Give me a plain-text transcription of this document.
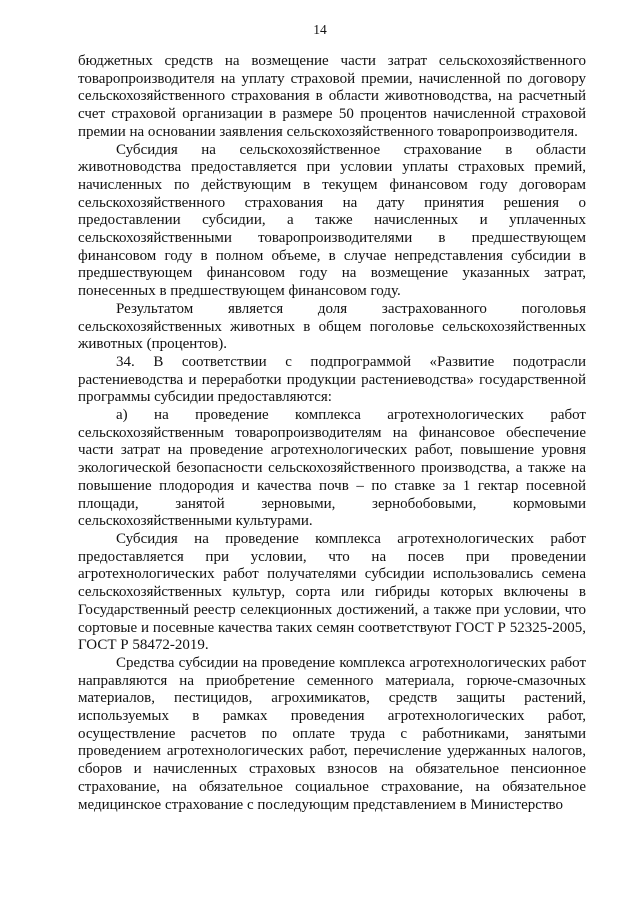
14

бюджетных средств на возмещение части затрат сельскохозяйственного товаропроизводителя на уплату страховой премии, начисленной по договору сельскохозяйственного страхования в области животноводства, на расчетный счет страховой организации в размере 50 процентов начисленной страховой премии на основании заявления сельскохозяйственного товаропроизводителя.

Субсидия на сельскохозяйственное страхование в области животноводства предоставляется при условии уплаты страховых премий, начисленных по действующим в текущем финансовом году договорам сельскохозяйственного страхования на дату принятия решения о предоставлении субсидии, а также начисленных и уплаченных сельскохозяйственными товаропроизводителями в предшествующем финансовом году в полном объеме, в случае непредставления субсидии в предшествующем финансовом году на возмещение указанных затрат, понесенных в предшествующем финансовом году.

Результатом является доля застрахованного поголовья сельскохозяйственных животных в общем поголовье сельскохозяйственных животных (процентов).

34. В соответствии с подпрограммой «Развитие подотрасли растениеводства и переработки продукции растениеводства» государственной программы субсидии предоставляются:

а) на проведение комплекса агротехнологических работ сельскохозяйственным товаропроизводителям на финансовое обеспечение части затрат на проведение агротехнологических работ, повышение уровня экологической безопасности сельскохозяйственного производства, а также на повышение плодородия и качества почв – по ставке за 1 гектар посевной площади, занятой зерновыми, зернобобовыми, кормовыми сельскохозяйственными культурами.

Субсидия на проведение комплекса агротехнологических работ предоставляется при условии, что на посев при проведении агротехнологических работ получателями субсидии использовались семена сельскохозяйственных культур, сорта или гибриды которых включены в Государственный реестр селекционных достижений, а также при условии, что сортовые и посевные качества таких семян соответствуют ГОСТ Р 52325-2005, ГОСТ Р 58472-2019.

Средства субсидии на проведение комплекса агротехнологических работ направляются на приобретение семенного материала, горюче-смазочных материалов, пестицидов, агрохимикатов, средств защиты растений, используемых в рамках проведения агротехнологических работ, осуществление расчетов по оплате труда с работниками, занятыми проведением агротехнологических работ, перечисление удержанных налогов, сборов и начисленных страховых взносов на обязательное пенсионное страхование, на обязательное социальное страхование, на обязательное медицинское страхование с последующим представлением в Министерство
